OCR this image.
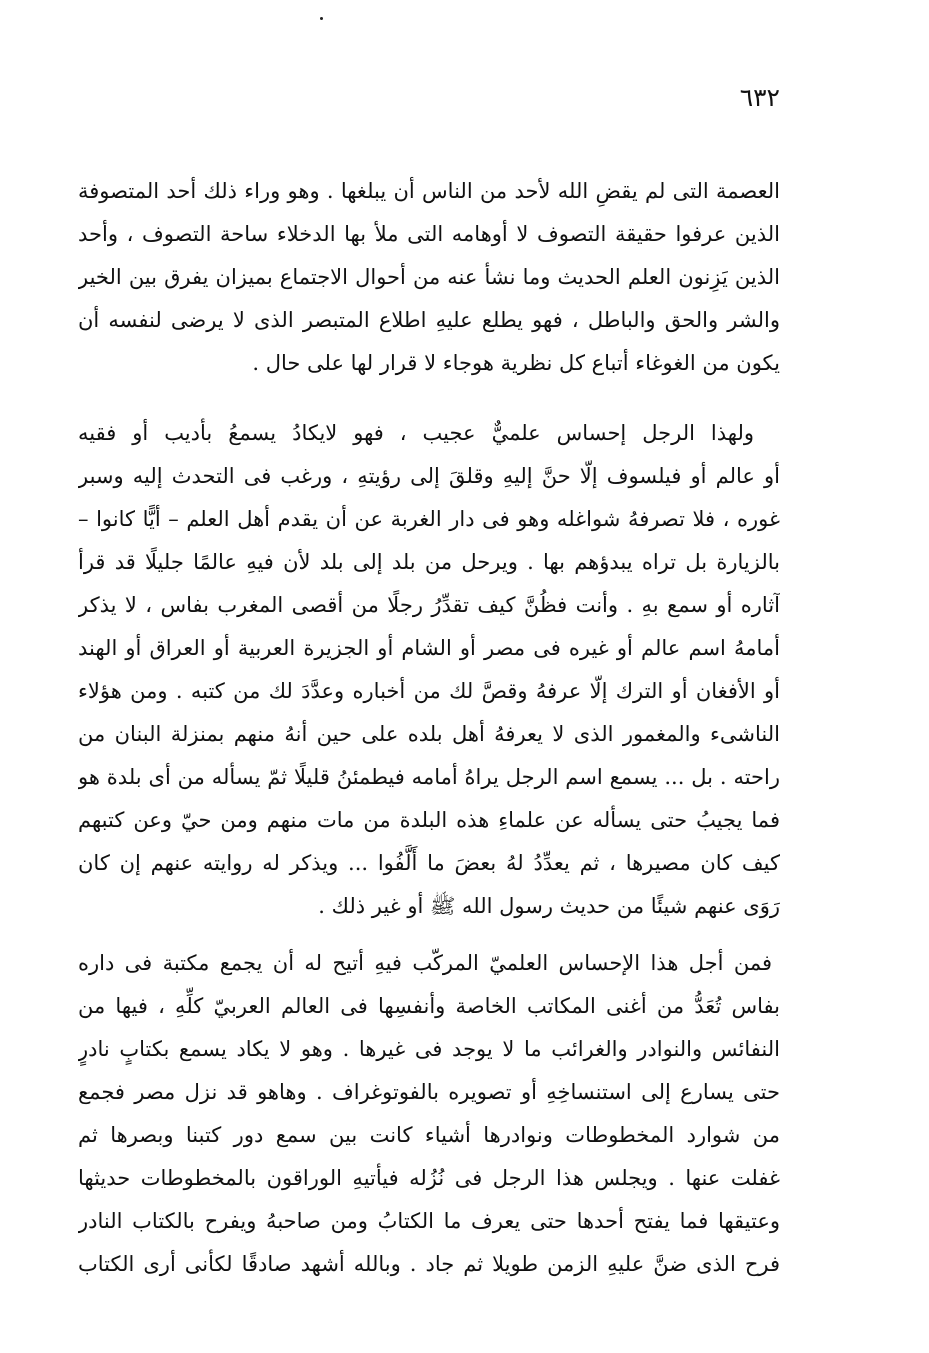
٦٣٢
العصمة التى لم يقضِ الله لأحد من الناس أن يبلغها . وهو وراء ذلك أحد المتصوفة
الذين عرفوا حقيقة التصوف لا أوهامه التى ملأ بها الدخلاء ساحة التصوف ، وأحد
الذين يَزِنون العلم الحديث وما نشأ عنه من أحوال الاجتماع بميزان يفرق بين الخير
والشر والحق والباطل ، فهو يطلع عليهِ اطلاع المتبصر الذى لا يرضى لنفسه أن
يكون من الغوغاء أتباع كل نظرية هوجاء لا قرار لها على حال .
ولهذا الرجل إحساس علميٌّ عجيب ، فهو لايكادُ يسمعُ بأديب أو فقيه
أو عالم أو فيلسوف إلّا حنَّ إليهِ وقلقَ إلى رؤيتهِ ، ورغب فى التحدث إليه وسبر
غوره ، فلا تصرفهُ شواغله وهو فى دار الغربة عن أن يقدم أهل العلم – أيًّا كانوا –
بالزيارة بل تراه يبدؤهم بها . ويرحل من بلد إلى بلد لأن فيهِ عالمًا جليلًا قد قرأ
آثاره أو سمع بهِ . وأنت فظُنَّ كيف تقدِّرُ رجلًا من أقصى المغرب بفاس ، لا يذكر
أمامهُ اسم عالم أو غيره فى مصر أو الشام أو الجزيرة العربية أو العراق أو الهند
أو الأفغان أو الترك إلّا عرفهُ وقصَّ لك من أخباره وعدَّدَ لك من كتبه . ومن هؤلاء
الناشىء والمغمور الذى لا يعرفهُ أهل بلده على حين أنهُ منهم بمنزلة البنان من
راحته . بل ... يسمع اسم الرجل يراهُ أمامه فيطمئنُ قليلًا ثمّ يسأله من أى بلدة هو
فما يجيبُ حتى يسأله عن علماءِ هذه البلدة من مات منهم ومن حيّ وعن كتبهم
كيف كان مصيرها ، ثم يعدِّدُ لهُ بعضَ ما أَلَّفُوا ... ويذكر له روايته عنهم إن كان
رَوَى عنهم شيئًا من حديث رسول الله ﷺ أو غير ذلك .
فمن أجل هذا الإحساس العلميّ المركّب فيهِ أتيح له أن يجمع مكتبة فى داره
بفاس تُعَدُّ من أغنى المكاتب الخاصة وأنفسِها فى العالم العربيّ كلِّهِ ، فيها من
النفائس والنوادر والغرائب ما لا يوجد فى غيرها . وهو لا يكاد يسمع بكتابٍ نادرٍ
حتى يسارع إلى استنساخِهِ أو تصويره بالفوتوغراف . وهاهو قد نزل مصر فجمع
من شوارد المخطوطات ونوادرها أشياء كانت بين سمع دور كتبنا وبصرها ثم
غفلت عنها . ويجلس هذا الرجل فى نُزُله فيأتيهِ الوراقون بالمخطوطات حديثها
وعتيقها فما يفتح أحدها حتى يعرف ما الكتابُ ومن صاحبهُ ويفرح بالكتاب النادر
فرح الذى ضنَّ عليهِ الزمن طويلا ثم جاد . وبالله أشهد صادقًا لكأنى أرى الكتاب
